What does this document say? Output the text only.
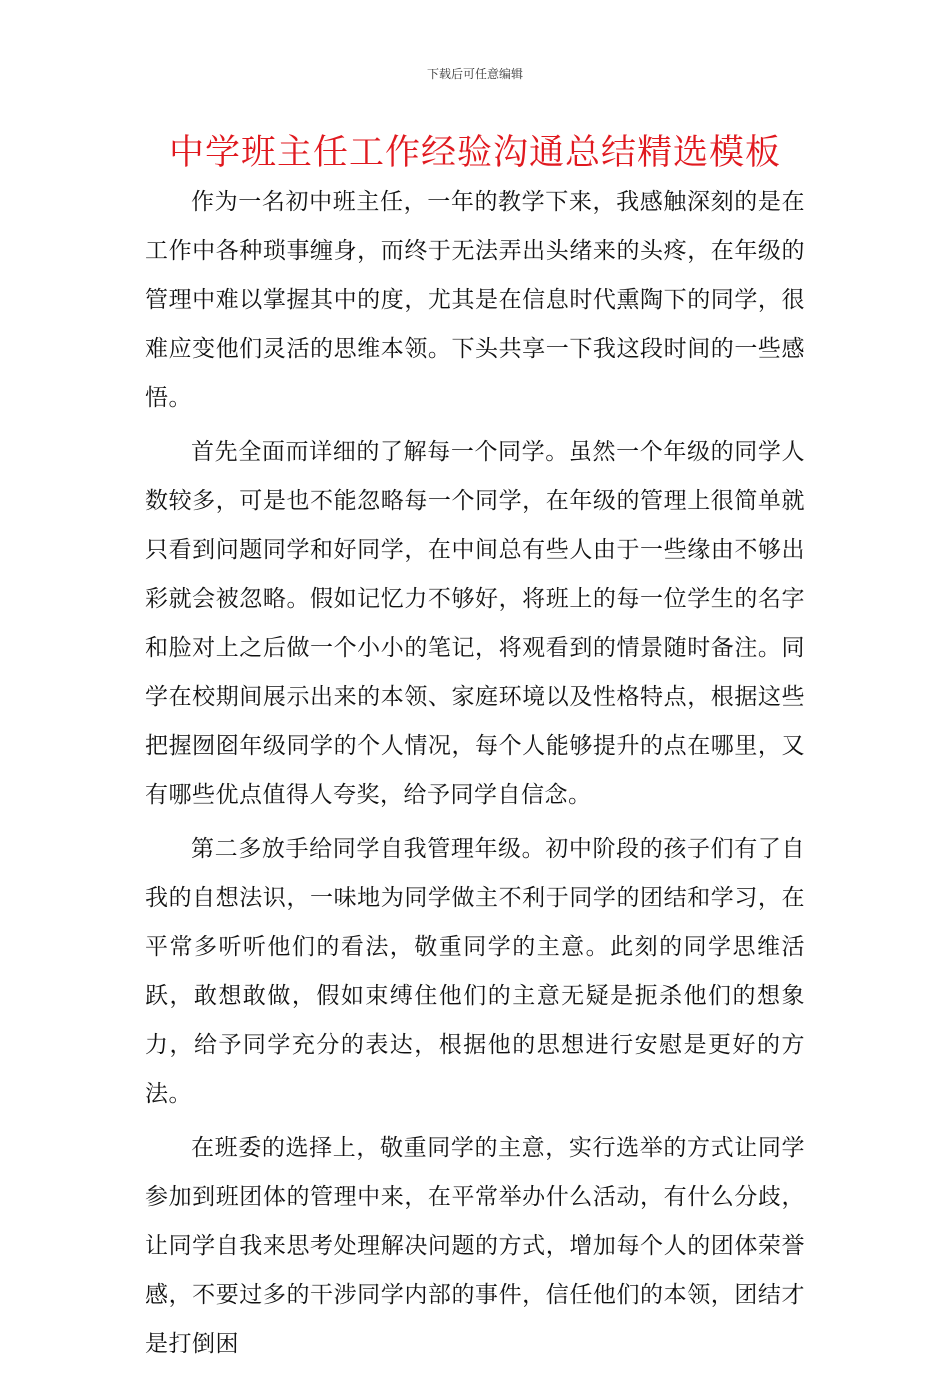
下载后可任意编辑
中学班主任工作经验沟通总结精选模板

作为一名初中班主任，一年的教学下来，我感触深刻的是在工作中各种琐事缠身，而终于无法弄出头绪来的头疼，在年级的管理中难以掌握其中的度，尤其是在信息时代熏陶下的同学，很难应变他们灵活的思维本领。下头共享一下我这段时间的一些感悟。

首先全面而详细的了解每一个同学。虽然一个年级的同学人数较多，可是也不能忽略每一个同学，在年级的管理上很简单就只看到问题同学和好同学，在中间总有些人由于一些缘由不够出彩就会被忽略。假如记忆力不够好，将班上的每一位学生的名字和脸对上之后做一个小小的笔记，将观看到的情景随时备注。同学在校期间展示出来的本领、家庭环境以及性格特点，根据这些把握囫囵年级同学的个人情况，每个人能够提升的点在哪里，又有哪些优点值得人夸奖，给予同学自信念。

第二多放手给同学自我管理年级。初中阶段的孩子们有了自我的自想法识，一味地为同学做主不利于同学的团结和学习，在平常多听听他们的看法，敬重同学的主意。此刻的同学思维活跃，敢想敢做，假如束缚住他们的主意无疑是扼杀他们的想象力，给予同学充分的表达，根据他的思想进行安慰是更好的方法。

在班委的选择上，敬重同学的主意，实行选举的方式让同学参加到班团体的管理中来，在平常举办什么活动，有什么分歧，让同学自我来思考处理解决问题的方式，增加每个人的团体荣誉感，不要过多的干涉同学内部的事件，信任他们的本领，团结才是打倒困
